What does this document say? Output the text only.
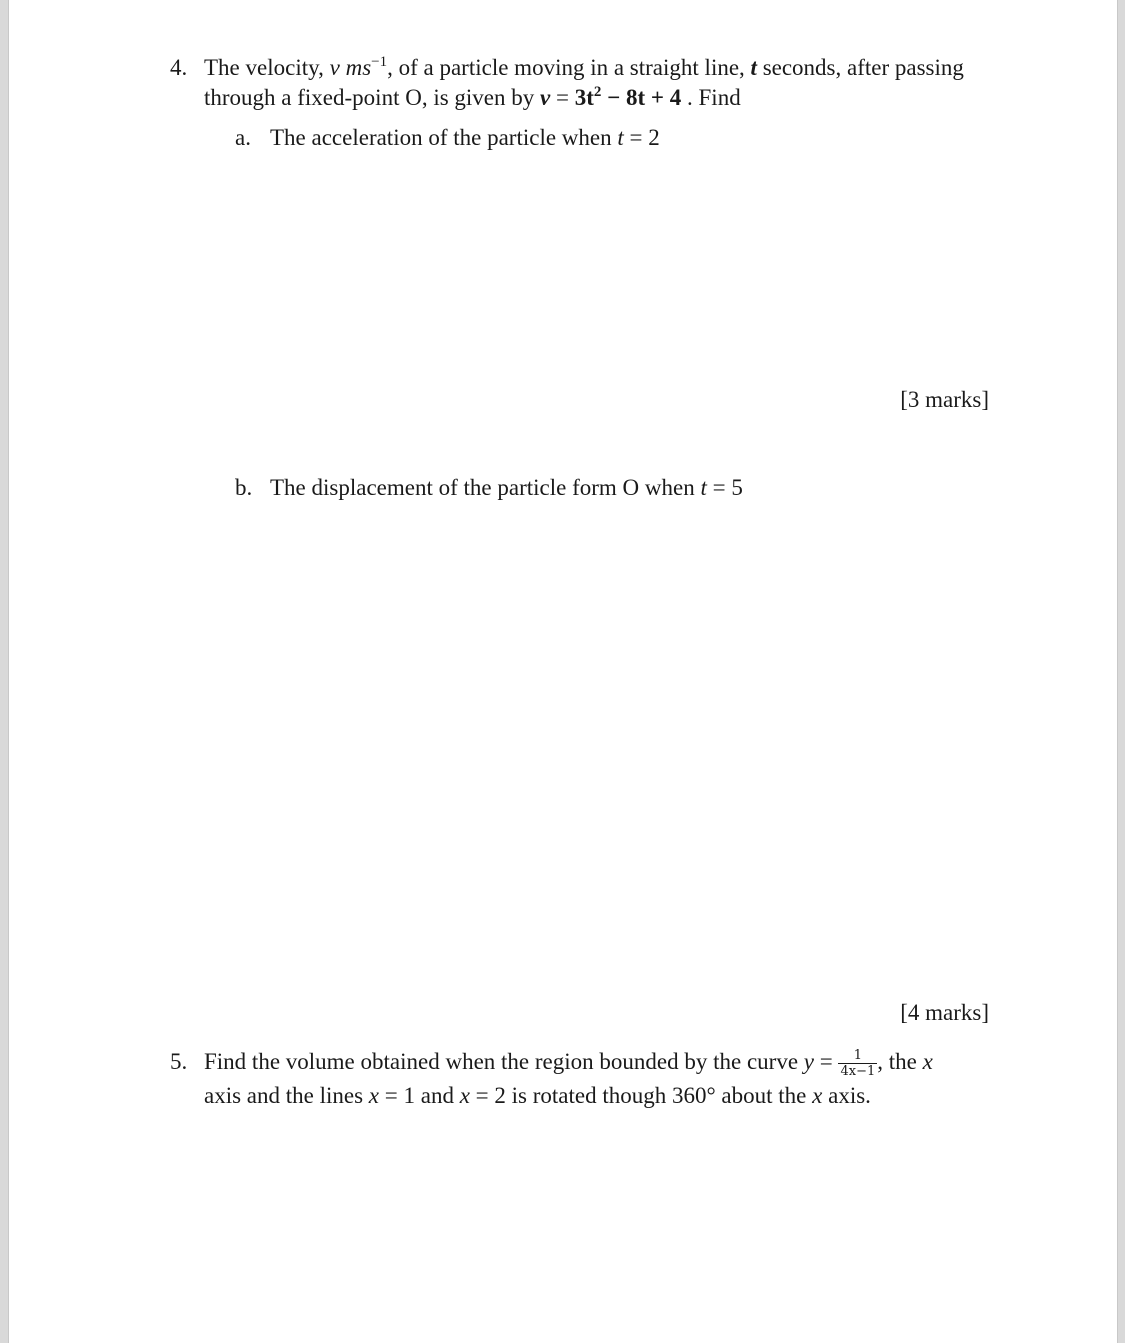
4. The velocity, v $ms^{-1}$, of a particle moving in a straight line, t seconds, after passing
through a fixed-point O, is given by $v = 3t^2 - 8t + 4$ . Find
a. The acceleration of the particle when t = 2
[3 marks]
b. The displacement of the particle form O when t = 5
[4 marks]
5. Find the volume obtained when the region bounded by the curve $y = \frac{1}{4x-1}$ , the x
axis and the lines x = 1 and x = 2 is rotated though 360° about the x axis.
